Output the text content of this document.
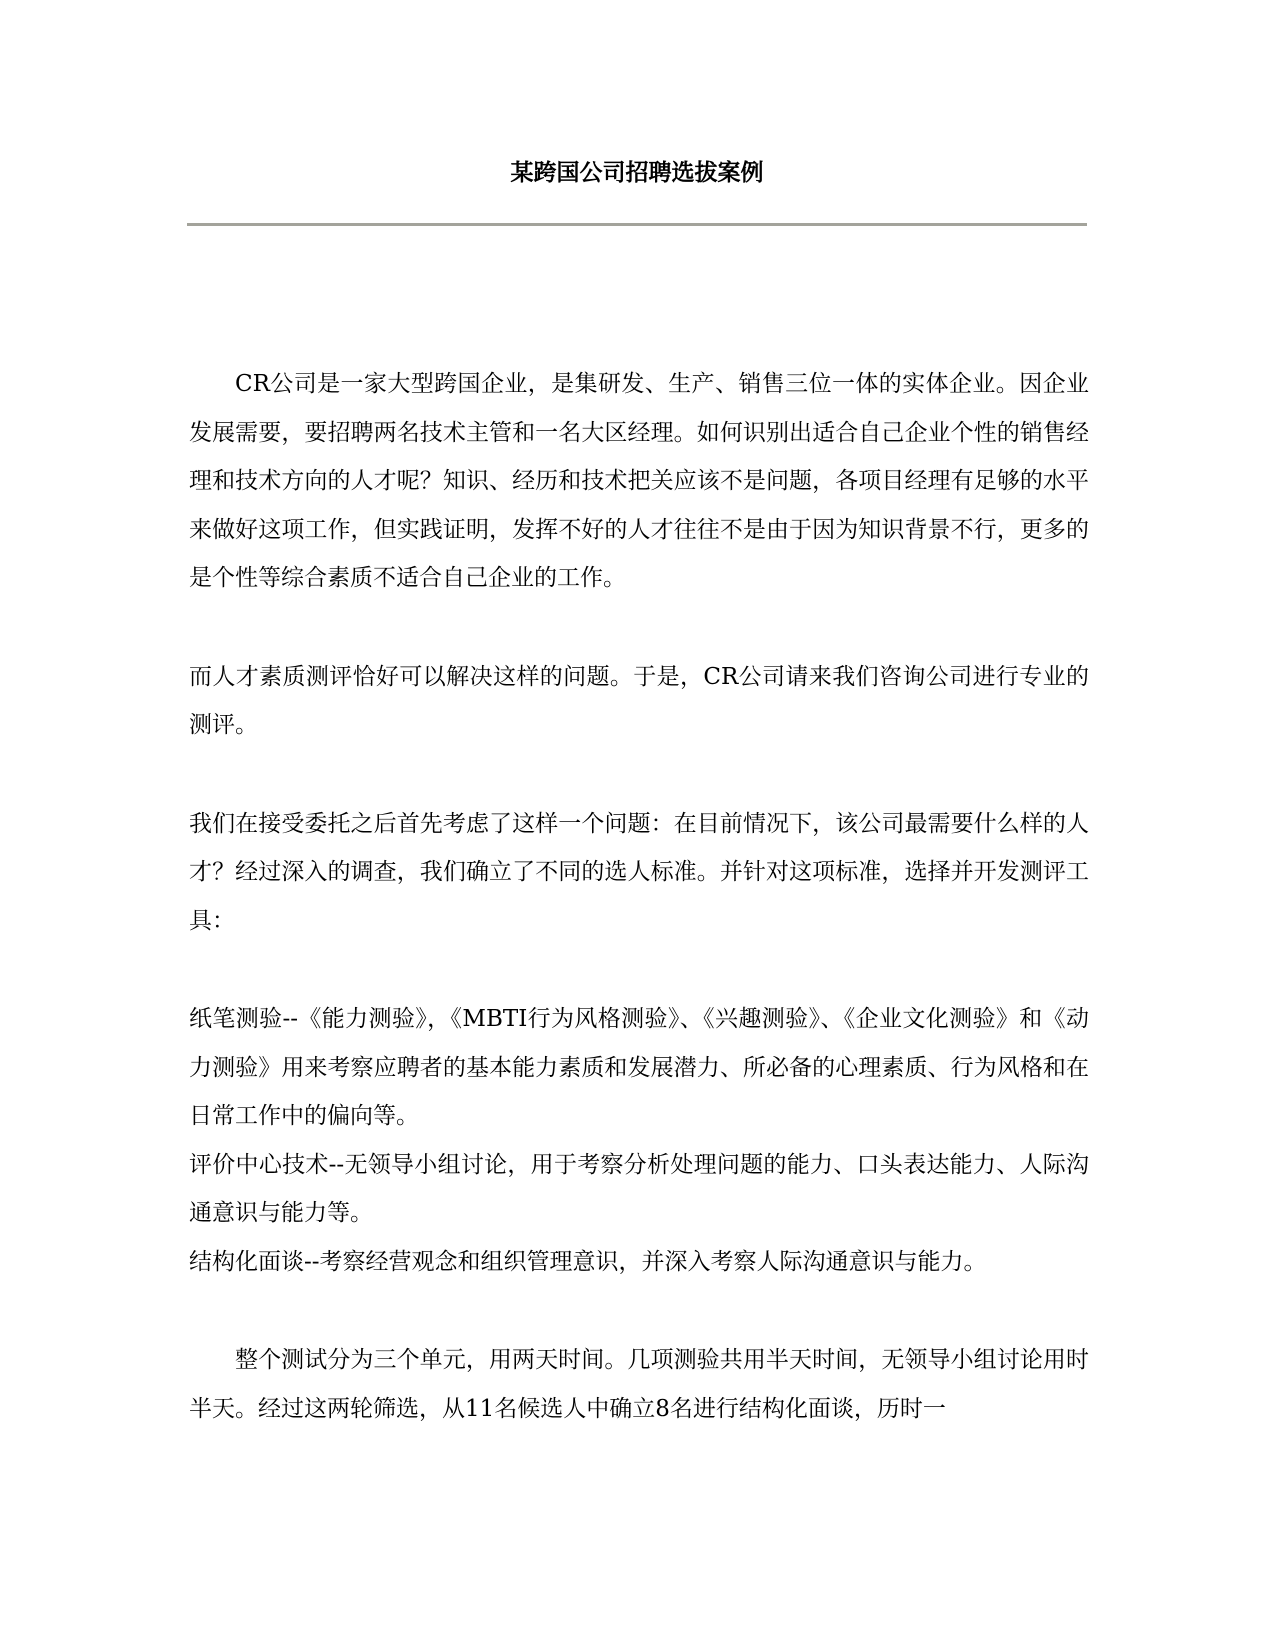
某跨国公司招聘选拔案例

CR公司是一家大型跨国企业，是集研发、生产、销售三位一体的实体企业。因企业发展需要，要招聘两名技术主管和一名大区经理。如何识别出适合自己企业个性的销售经理和技术方向的人才呢？知识、经历和技术把关应该不是问题，各项目经理有足够的水平来做好这项工作，但实践证明，发挥不好的人才往往不是由于因为知识背景不行，更多的是个性等综合素质不适合自己企业的工作。

而人才素质测评恰好可以解决这样的问题。于是，CR公司请来我们咨询公司进行专业的测评。

我们在接受委托之后首先考虑了这样一个问题：在目前情况下，该公司最需要什么样的人才？经过深入的调查，我们确立了不同的选人标准。并针对这项标准，选择并开发测评工具：

纸笔测验--《能力测验》，《MBTI行为风格测验》、《兴趣测验》、《企业文化测验》和《动力测验》用来考察应聘者的基本能力素质和发展潜力、所必备的心理素质、行为风格和在日常工作中的偏向等。

评价中心技术--无领导小组讨论，用于考察分析处理问题的能力、口头表达能力、人际沟通意识与能力等。

结构化面谈--考察经营观念和组织管理意识，并深入考察人际沟通意识与能力。

整个测试分为三个单元，用两天时间。几项测验共用半天时间，无领导小组讨论用时半天。经过这两轮筛选，从11名候选人中确立8名进行结构化面谈，历时一
